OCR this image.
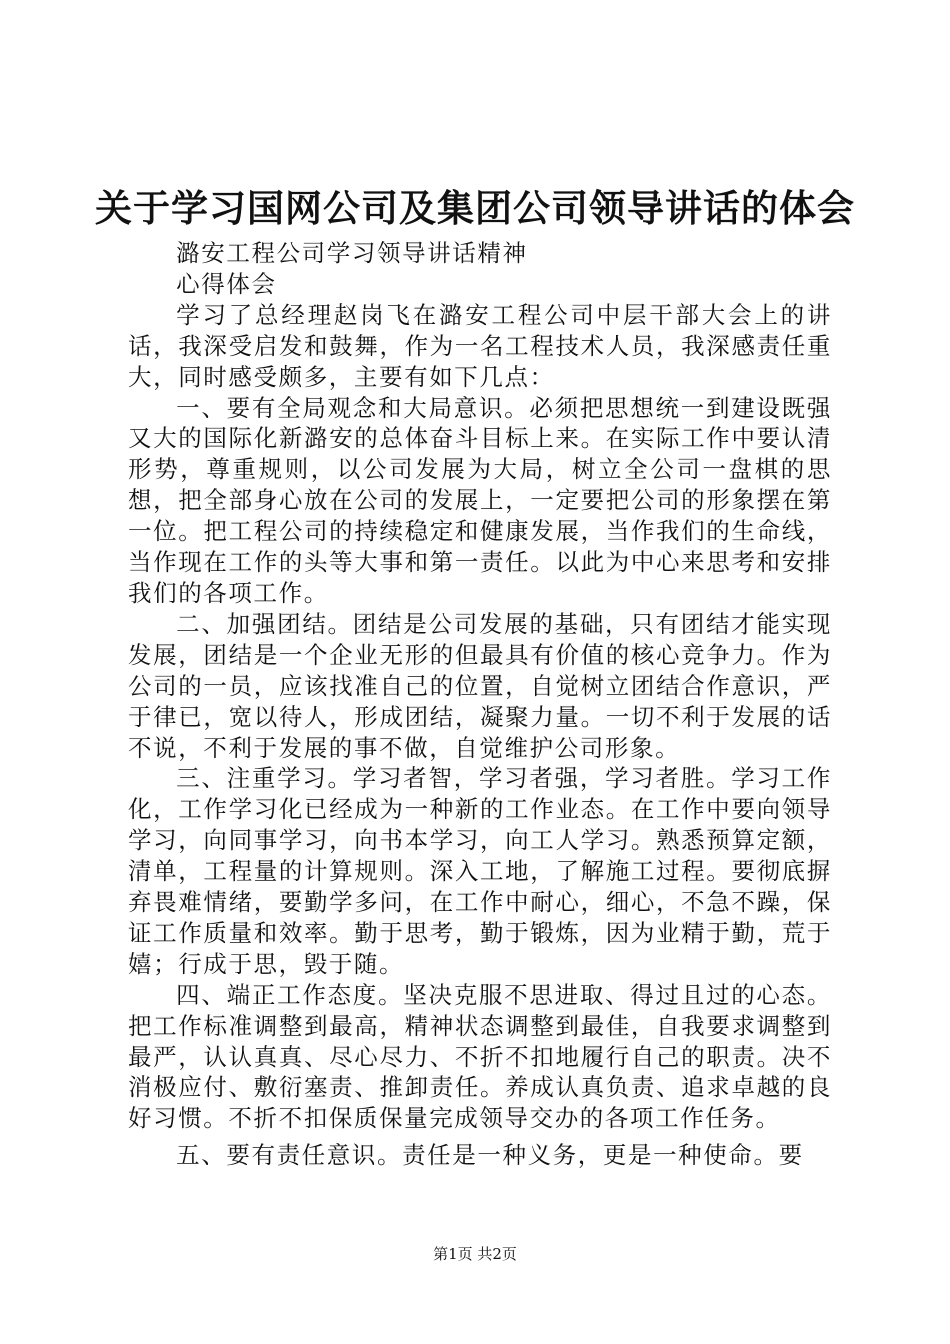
关于学习国网公司及集团公司领导讲话的体会

潞安工程公司学习领导讲话精神

心得体会

学习了总经理赵岗飞在潞安工程公司中层干部大会上的讲话，我深受启发和鼓舞，作为一名工程技术人员，我深感责任重大，同时感受颇多，主要有如下几点：

一、要有全局观念和大局意识。必须把思想统一到建设既强又大的国际化新潞安的总体奋斗目标上来。在实际工作中要认清形势，尊重规则，以公司发展为大局，树立全公司一盘棋的思想，把全部身心放在公司的发展上，一定要把公司的形象摆在第一位。把工程公司的持续稳定和健康发展，当作我们的生命线，当作现在工作的头等大事和第一责任。以此为中心来思考和安排我们的各项工作。

二、加强团结。团结是公司发展的基础，只有团结才能实现发展，团结是一个企业无形的但最具有价值的核心竞争力。作为公司的一员，应该找准自己的位置，自觉树立团结合作意识，严于律已，宽以待人，形成团结，凝聚力量。一切不利于发展的话不说，不利于发展的事不做，自觉维护公司形象。

三、注重学习。学习者智，学习者强，学习者胜。学习工作化，工作学习化已经成为一种新的工作业态。在工作中要向领导学习，向同事学习，向书本学习，向工人学习。熟悉预算定额，清单，工程量的计算规则。深入工地，了解施工过程。要彻底摒弃畏难情绪，要勤学多问，在工作中耐心，细心，不急不躁，保证工作质量和效率。勤于思考，勤于锻炼，因为业精于勤，荒于嬉；行成于思，毁于随。

四、端正工作态度。坚决克服不思进取、得过且过的心态。把工作标准调整到最高，精神状态调整到最佳，自我要求调整到最严，认认真真、尽心尽力、不折不扣地履行自己的职责。决不消极应付、敷衍塞责、推卸责任。养成认真负责、追求卓越的良好习惯。不折不扣保质保量完成领导交办的各项工作任务。

五、要有责任意识。责任是一种义务，更是一种使命。要

第1页 共2页
